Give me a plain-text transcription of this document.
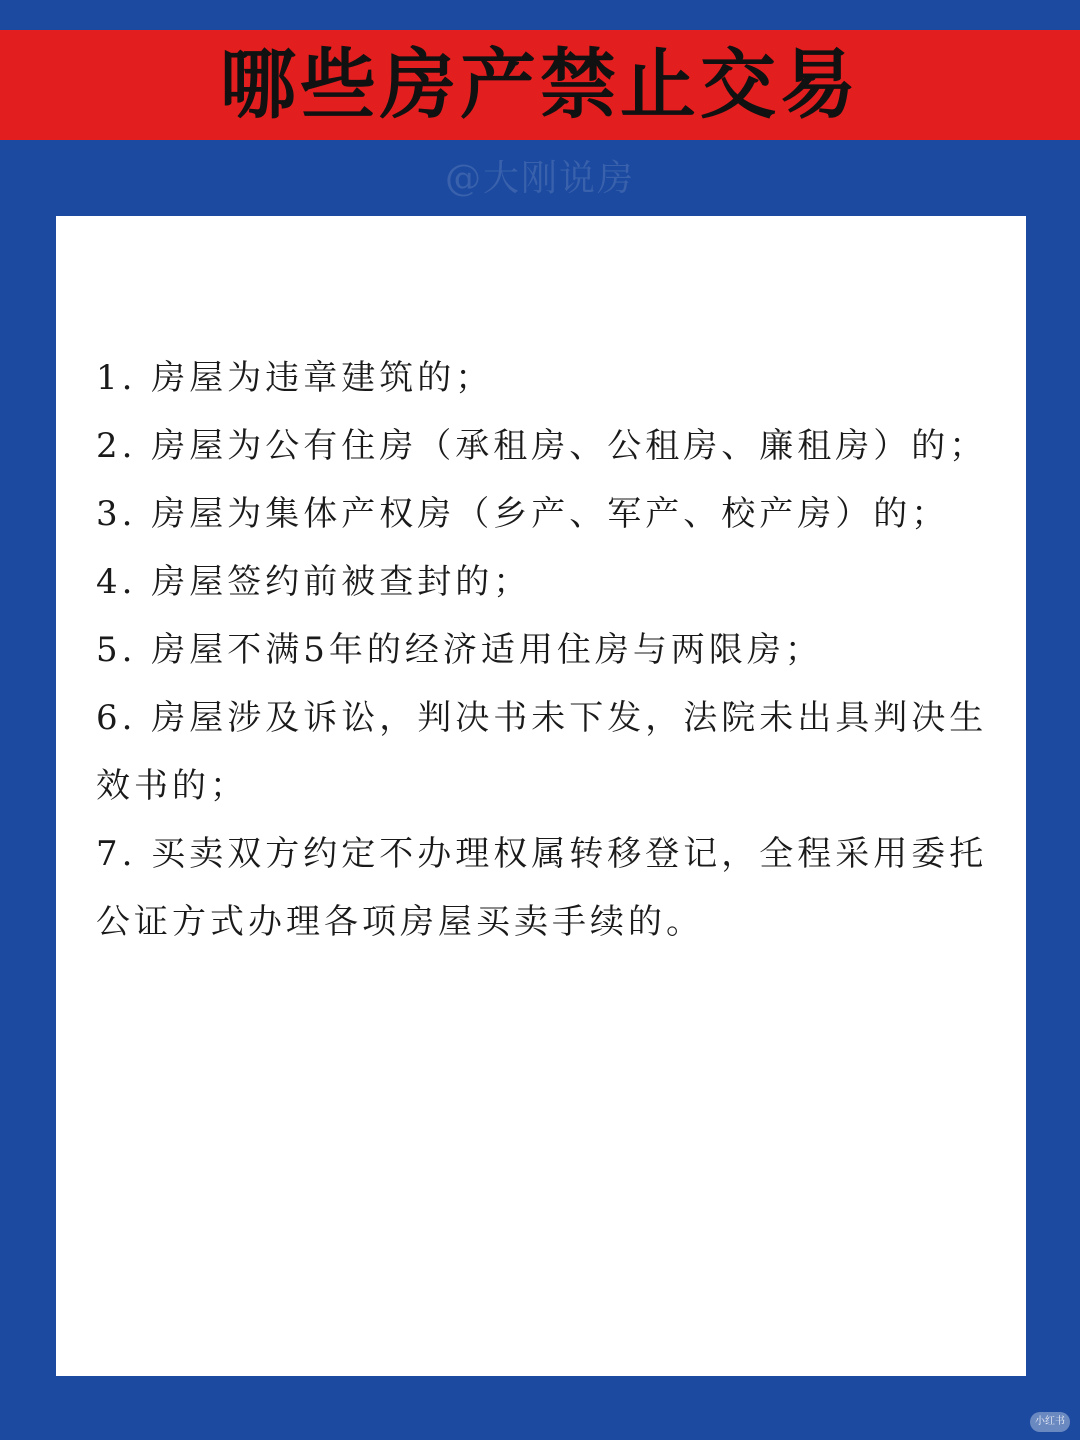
哪些房产禁止交易
@大刚说房
1. 房屋为违章建筑的；
2. 房屋为公有住房（承租房、公租房、廉租房）的；
3. 房屋为集体产权房（乡产、军产、校产房）的；
4. 房屋签约前被查封的；
5. 房屋不满5年的经济适用住房与两限房；
6. 房屋涉及诉讼，判决书未下发，法院未出具判决生效书的；
7. 买卖双方约定不办理权属转移登记，全程采用委托公证方式办理各项房屋买卖手续的。
小红书
